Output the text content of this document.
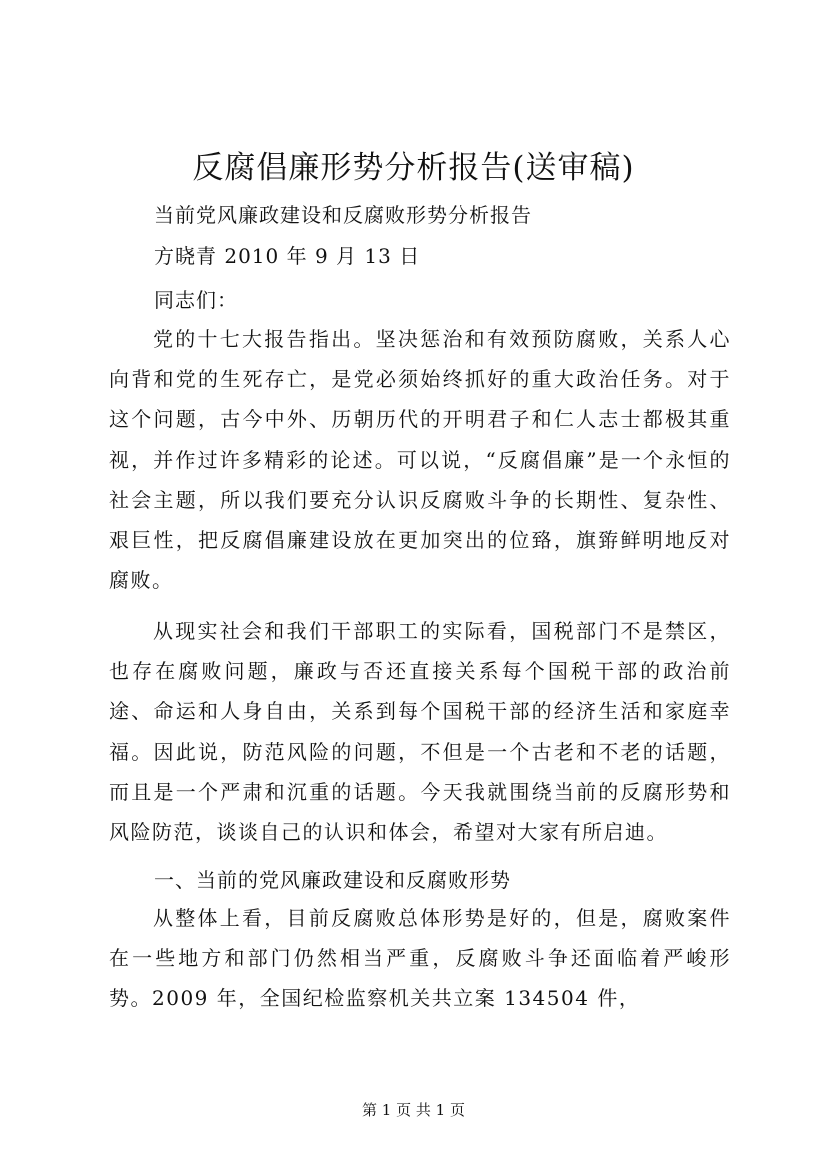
反腐倡廉形势分析报告(送审稿)
当前党风廉政建设和反腐败形势分析报告
方晓青 2010 年 9 月 13 日
同志们：

党的十七大报告指出。坚决惩治和有效预防腐败，关系人心向背和党的生死存亡，是党必须始终抓好的重大政治任务。对于这个问题，古今中外、历朝历代的开明君子和仁人志士都极其重视，并作过许多精彩的论述。可以说，“反腐倡廉”是一个永恒的社会主题，所以我们要充分认识反腐败斗争的长期性、复杂性、艰巨性，把反腐倡廉建设放在更加突出的位臵，旗臶鲜明地反对腐败。

从现实社会和我们干部职工的实际看，国税部门不是禁区，也存在腐败问题，廉政与否还直接关系每个国税干部的政治前途、命运和人身自由，关系到每个国税干部的经济生活和家庭幸福。因此说，防范风险的问题，不但是一个古老和不老的话题，而且是一个严肃和沉重的话题。今天我就围绕当前的反腐形势和风险防范，谈谈自己的认识和体会，希望对大家有所启迪。

一、当前的党风廉政建设和反腐败形势

从整体上看，目前反腐败总体形势是好的，但是，腐败案件在一些地方和部门仍然相当严重，反腐败斗争还面临着严峻形势。2009 年，全国纪检监察机关共立案 134504 件，

第 1 页 共 1 页
